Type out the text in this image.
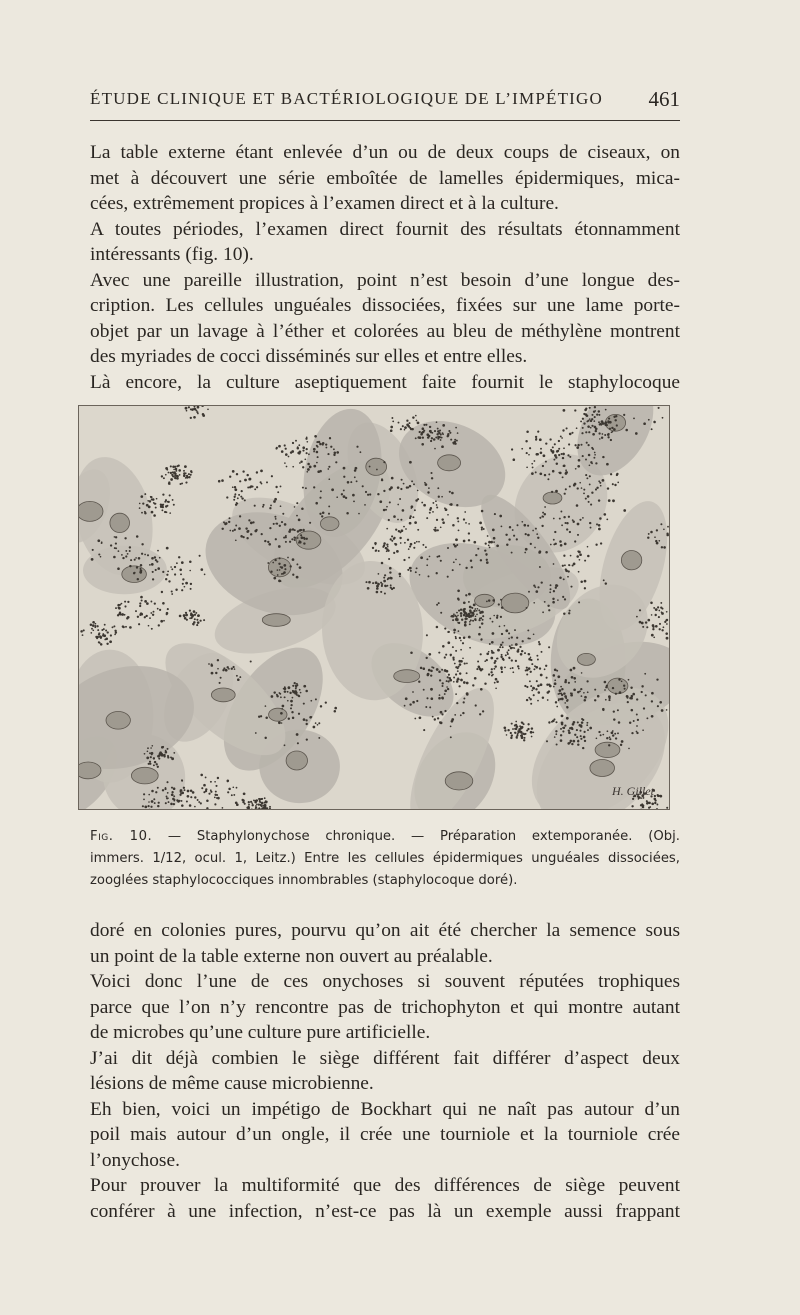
ÉTUDE CLINIQUE ET BACTÉRIOLOGIQUE DE L’IMPÉTIGO 461
La table externe étant enlevée d’un ou de deux coups de ciseaux, on
met à découvert une série emboîtée de lamelles épidermiques, mica-
cées, extrêmement propices à l’examen direct et à la culture.
A toutes périodes, l’examen direct fournit des résultats étonnamment
intéressants (fig. 10).
Avec une pareille illustration, point n’est besoin d’une longue des-
cription. Les cellules unguéales dissociées, fixées sur une lame porte-
objet par un lavage à l’éther et colorées au bleu de méthylène montrent
des myriades de cocci disséminés sur elles et entre elles.
Là encore, la culture aseptiquement faite fournit le staphylocoque
H. Gillet
Fig. 10. — Staphylonychose chronique. — Préparation extemporanée. (Obj.
immers. 1/12, ocul. 1, Leitz.) Entre les cellules épidermiques unguéales dissociées,
zooglées staphylococciques innombrables (staphylocoque doré).
doré en colonies pures, pourvu qu’on ait été chercher la semence sous
un point de la table externe non ouvert au préalable.
Voici donc l’une de ces onychoses si souvent réputées trophiques
parce que l’on n’y rencontre pas de trichophyton et qui montre autant
de microbes qu’une culture pure artificielle.
J’ai dit déjà combien le siège différent fait différer d’aspect deux
lésions de même cause microbienne.
Eh bien, voici un impétigo de Bockhart qui ne naît pas autour d’un
poil mais autour d’un ongle, il crée une tourniole et la tourniole crée
l’onychose.
Pour prouver la multiformité que des différences de siège peuvent
conférer à une infection, n’est-ce pas là un exemple aussi frappant
